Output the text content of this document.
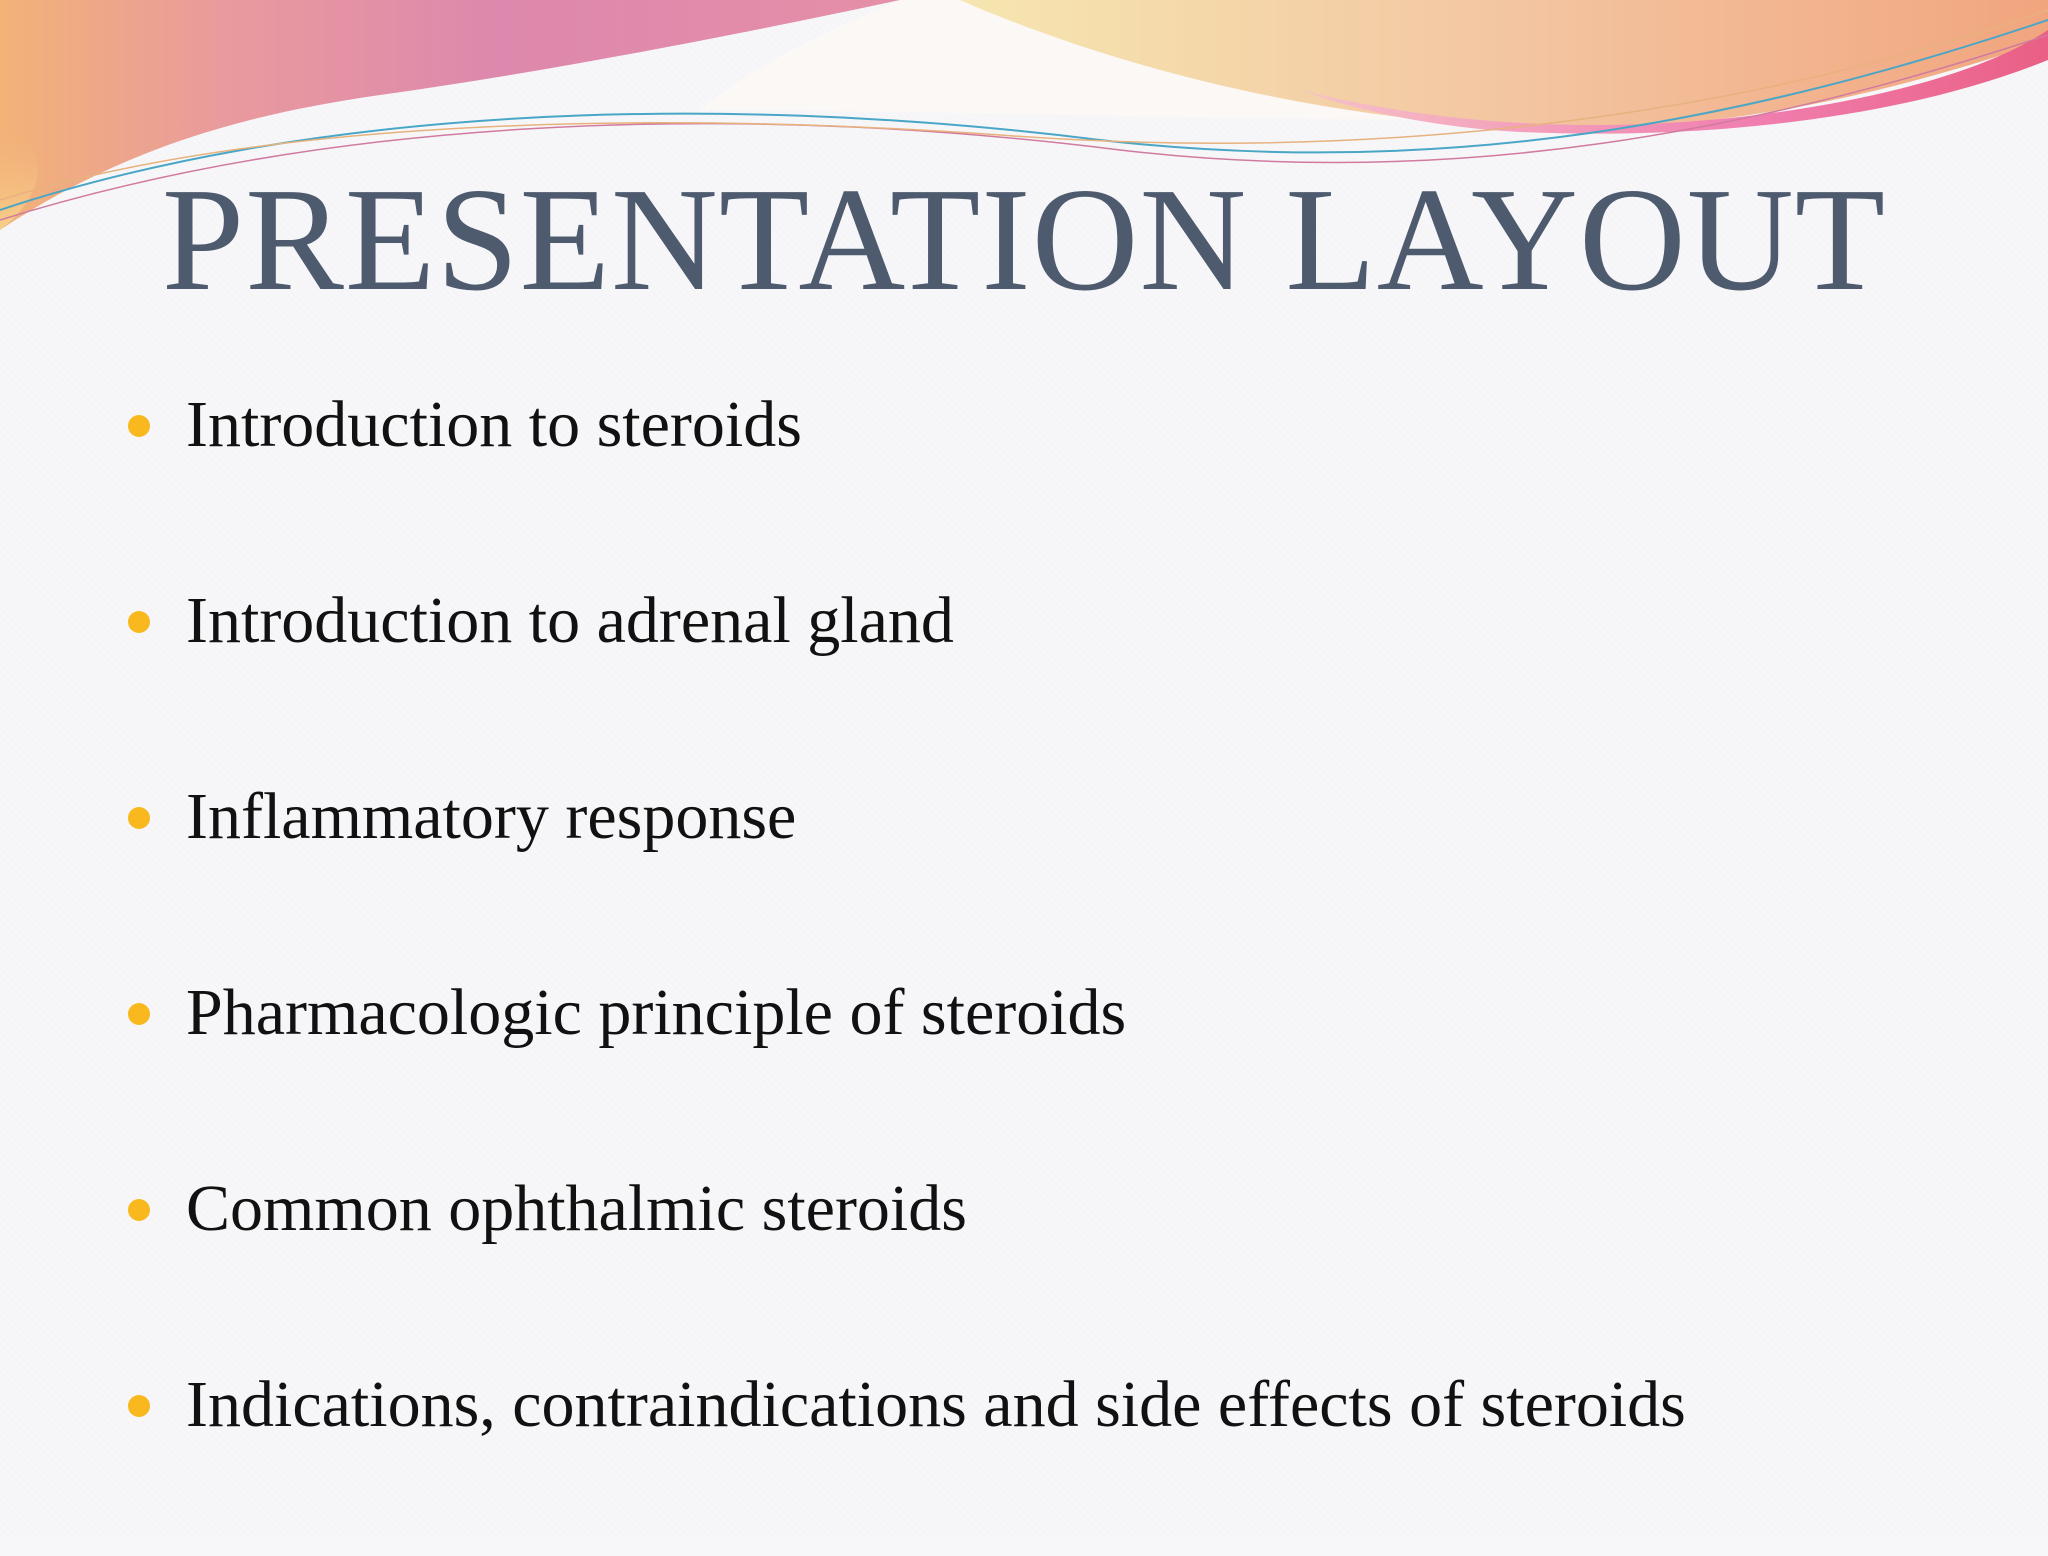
PRESENTATION LAYOUT
Introduction to steroids
Introduction to adrenal gland
Inflammatory response
Pharmacologic principle of steroids
Common ophthalmic steroids
Indications, contraindications and side effects of steroids
